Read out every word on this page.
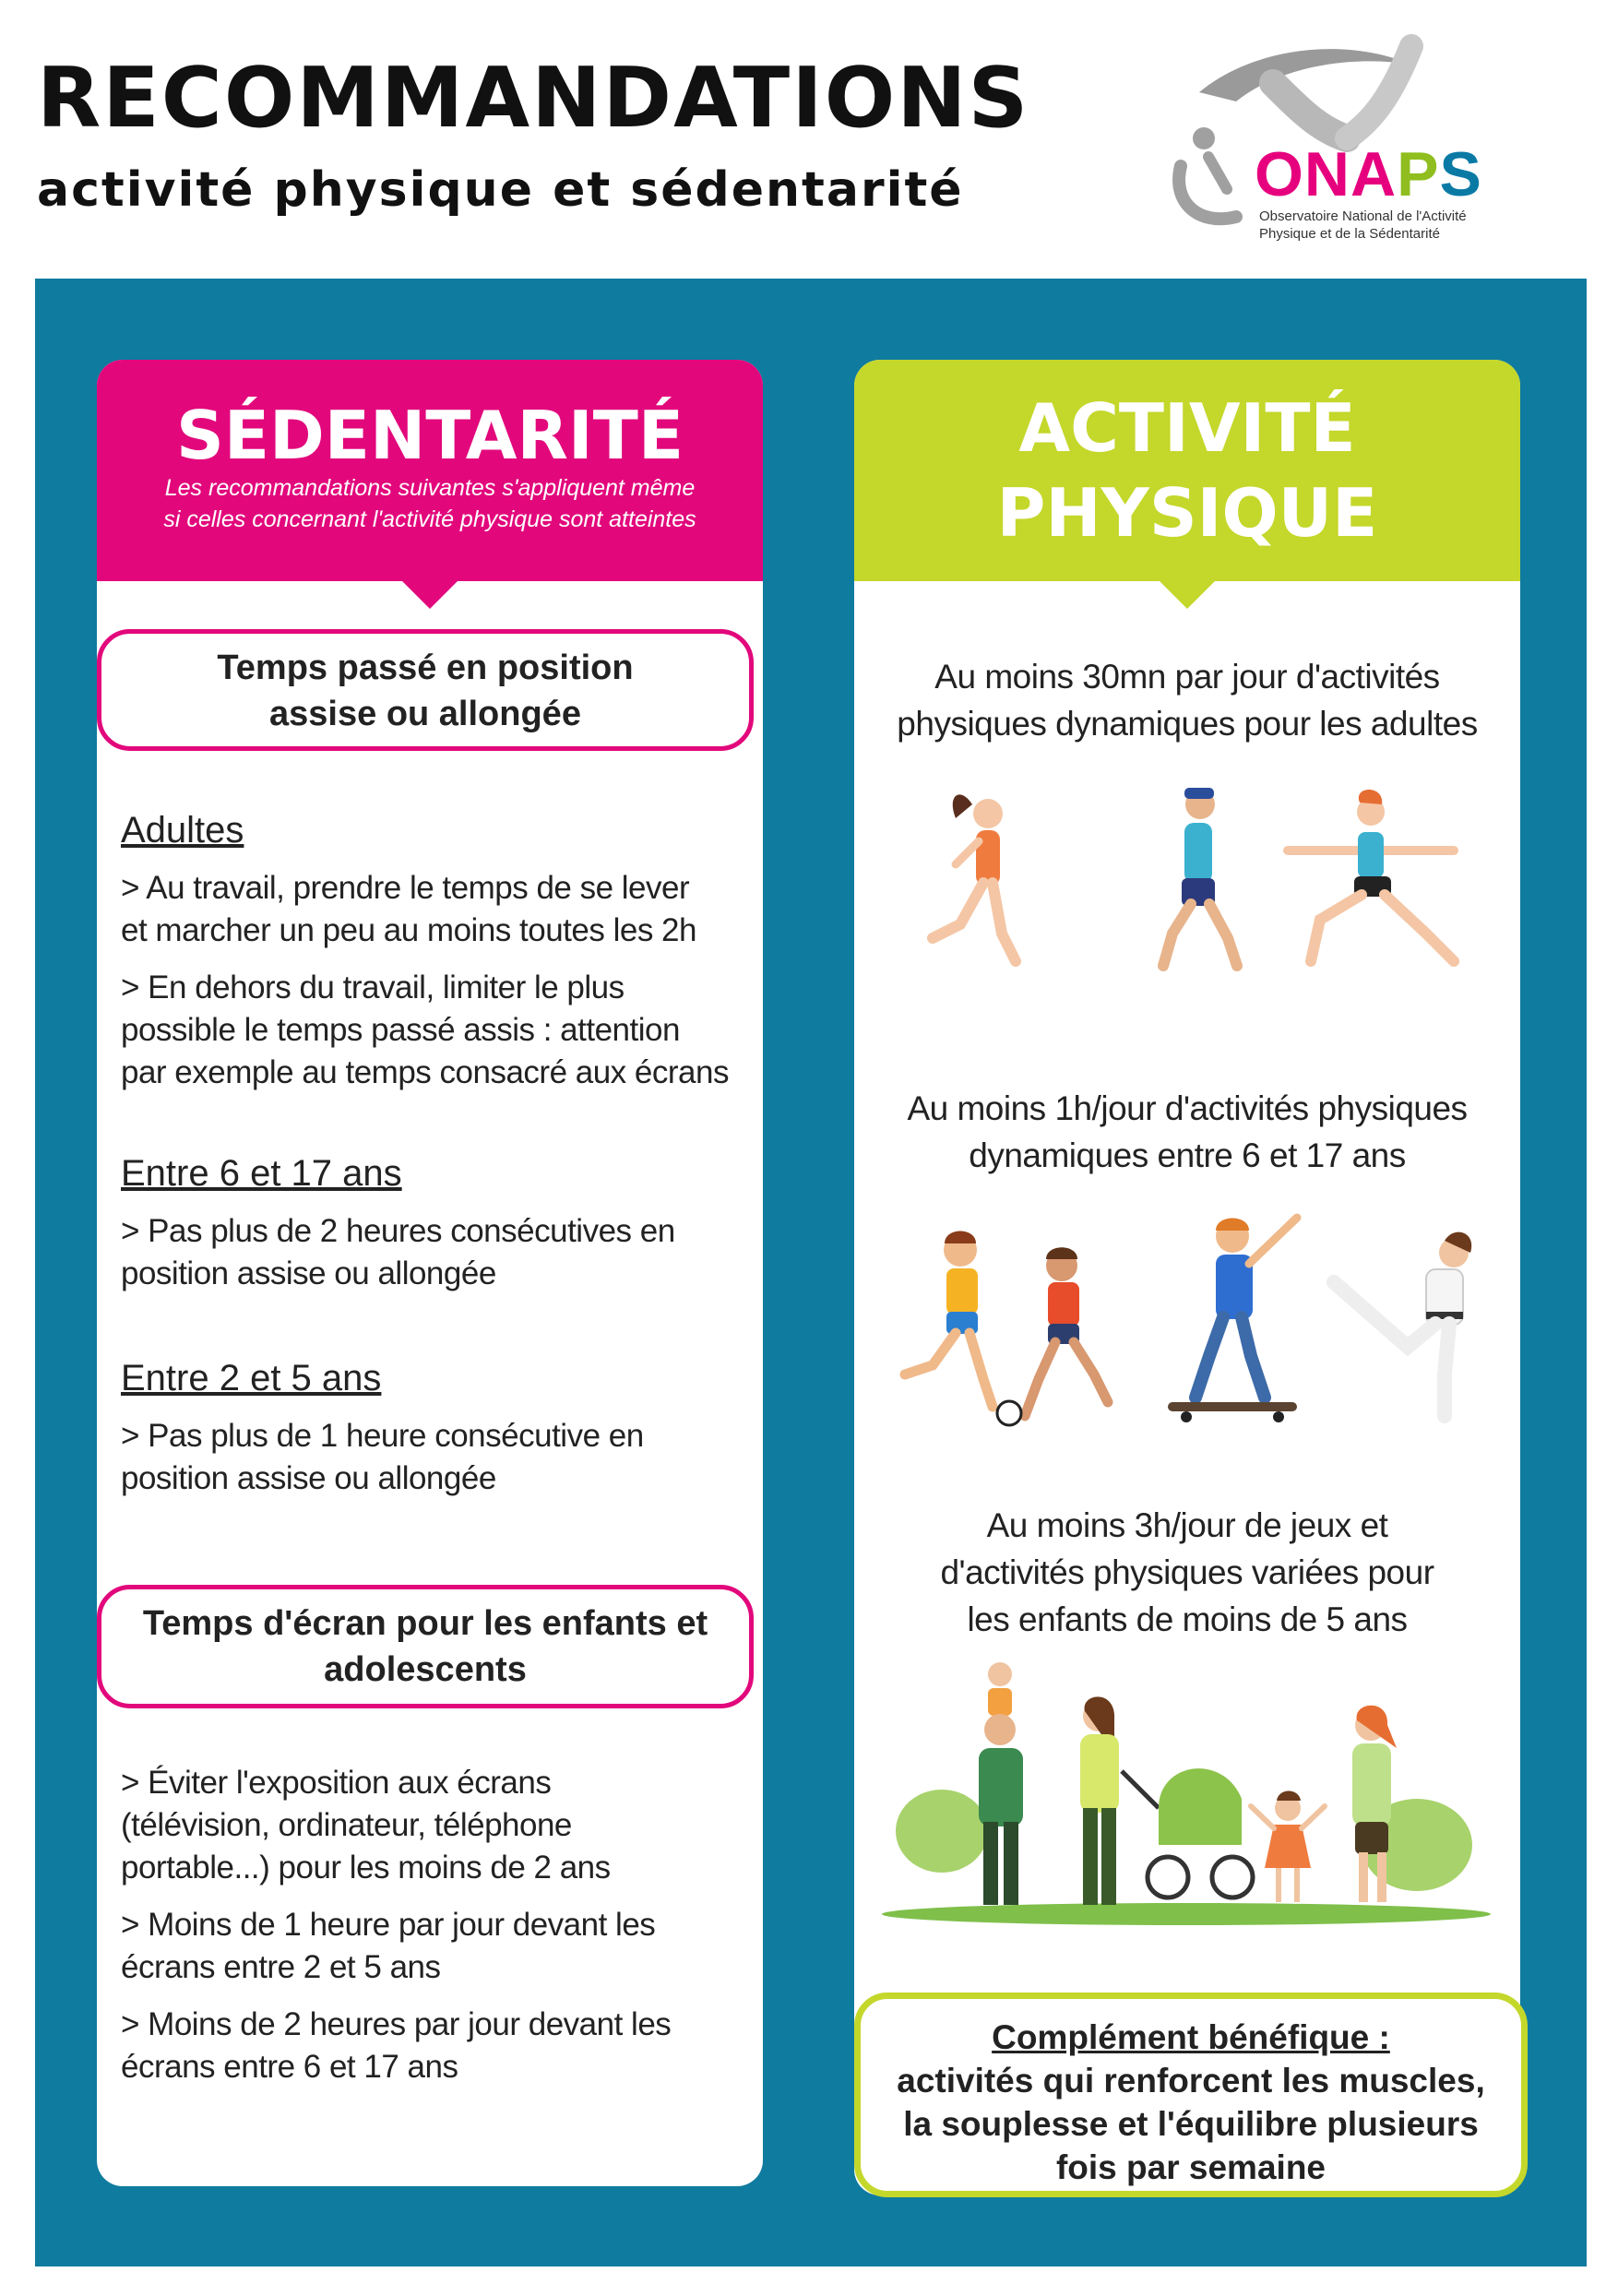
RECOMMANDATIONS
activité physique et sédentarité	ONAPS
Observatoire National de l'Activité
Physique et de la Sédentarité
SÉDENTARITÉ
Les recommandations suivantes s'appliquent même
si celles concernant l'activité physique sont atteintes
Temps passé en position
assise ou allongée
Adultes
> Au travail, prendre le temps de se lever
et marcher un peu au moins toutes les 2h
> En dehors du travail, limiter le plus
possible le temps passé assis : attention
par exemple au temps consacré aux écrans
Entre 6 et 17 ans
> Pas plus de 2 heures consécutives en
position assise ou allongée
Entre 2 et 5 ans
> Pas plus de 1 heure consécutive en
position assise ou allongée
Temps d'écran pour les enfants et
adolescents
> Éviter l'exposition aux écrans
(télévision, ordinateur, téléphone
portable...) pour les moins de 2 ans
> Moins de 1 heure par jour devant les
écrans entre 2 et 5 ans
> Moins de 2 heures par jour devant les
écrans entre 6 et 17 ans
ACTIVITÉ
PHYSIQUE
Au moins 30mn par jour d'activités
physiques dynamiques pour les adultes
Au moins 1h/jour d'activités physiques
dynamiques entre 6 et 17 ans
Au moins 3h/jour de jeux et
d'activités physiques variées pour
les enfants de moins de 5 ans
Complément bénéfique :
activités qui renforcent les muscles,
la souplesse et l'équilibre plusieurs
fois par semaine
